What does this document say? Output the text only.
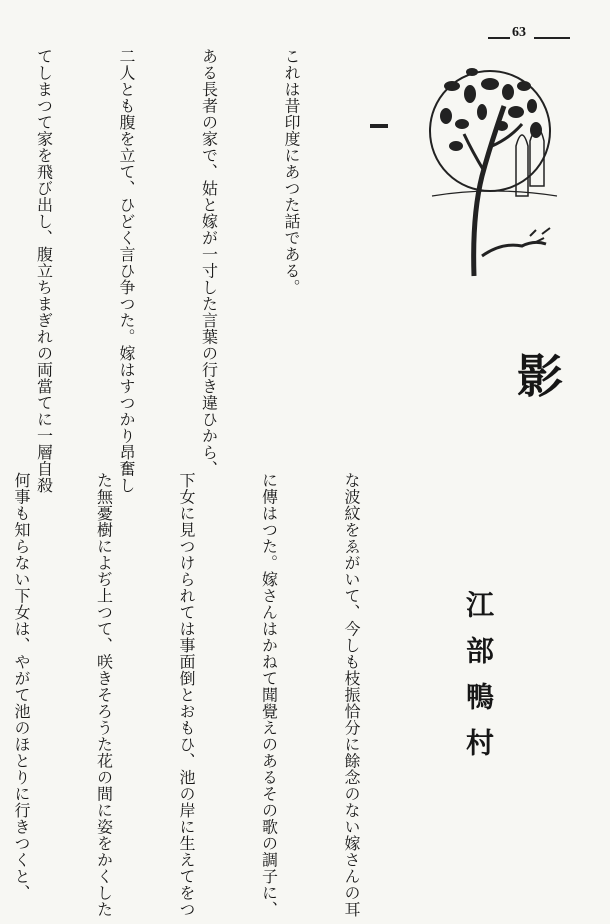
63
影
江部鴨村

これは昔印度にあつた話である。

ある長者の家で、姑と嫁が一寸した言葉の行き違ひから、

二人とも腹を立て、ひどく言ひ争つた。嫁はすつかり昂奮し

てしまつて家を飛び出し、腹立ちまぎれの両當てに一層自殺

な波紋をゑがいて、今しも枝振恰分に餘念のない嫁さんの耳

に傳はつた。嫁さんはかねて聞覺えのあるその歌の調子に、

下女に見つけられては事面倒とおもひ、池の岸に生えてをつ

た無憂樹によぢ上つて、咲きそろうた花の間に姿をかくした

何事も知らない下女は、やがて池のほとりに行きつくと、
